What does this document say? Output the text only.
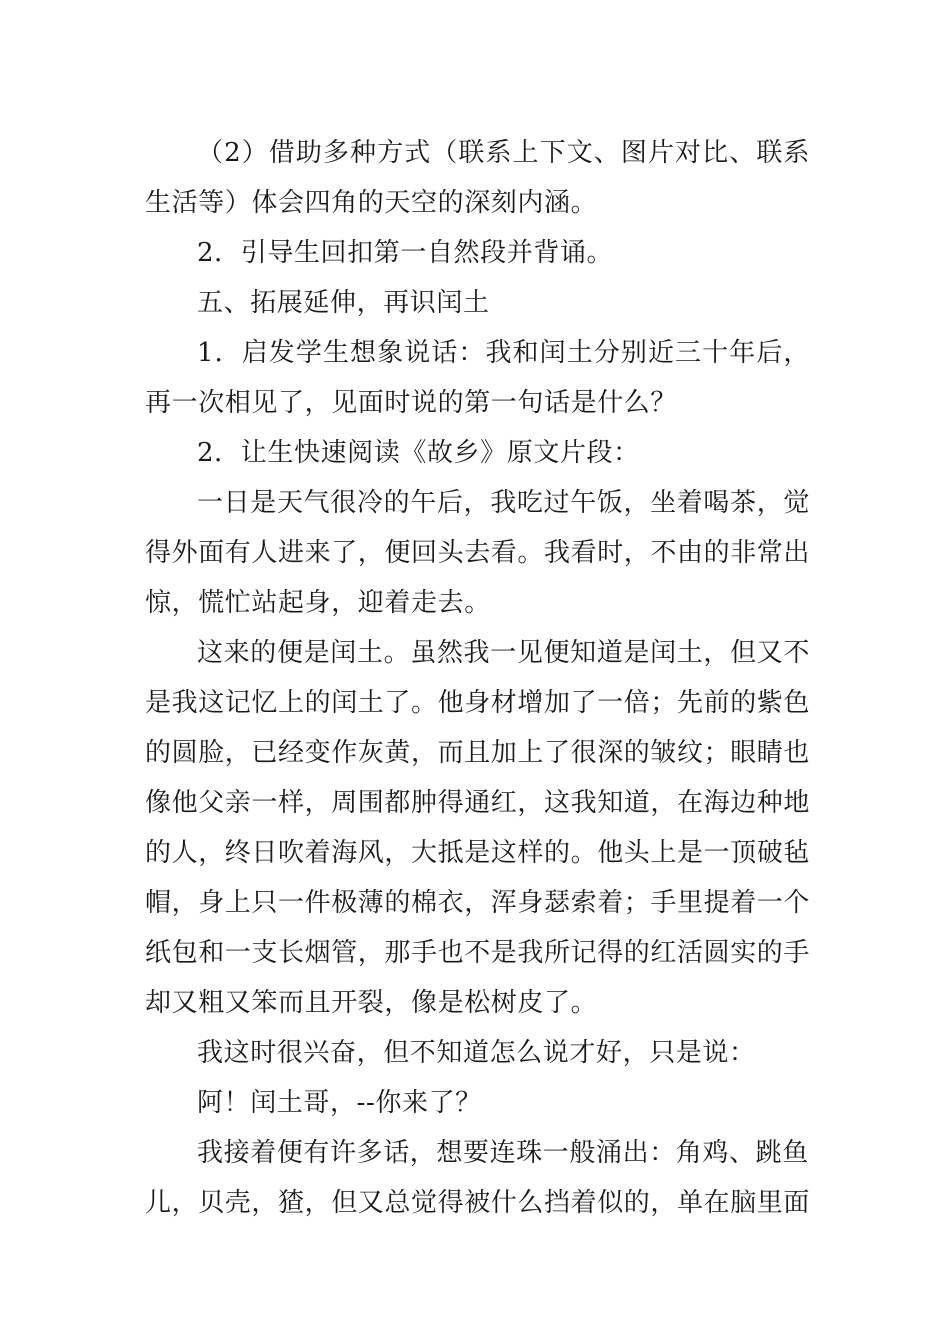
（2）借助多种方式（联系上下文、图片对比、联系生活等）体会四角的天空的深刻内涵。

2．引导生回扣第一自然段并背诵。

五、拓展延伸，再识闰土

1．启发学生想象说话：我和闰土分别近三十年后，再一次相见了，见面时说的第一句话是什么？

2．让生快速阅读《故乡》原文片段：

一日是天气很冷的午后，我吃过午饭，坐着喝茶，觉得外面有人进来了，便回头去看。我看时，不由的非常出惊，慌忙站起身，迎着走去。

这来的便是闰土。虽然我一见便知道是闰土，但又不是我这记忆上的闰土了。他身材增加了一倍；先前的紫色的圆脸，已经变作灰黄，而且加上了很深的皱纹；眼睛也像他父亲一样，周围都肿得通红，这我知道，在海边种地的人，终日吹着海风，大抵是这样的。他头上是一顶破毡帽，身上只一件极薄的棉衣，浑身瑟索着；手里提着一个纸包和一支长烟管，那手也不是我所记得的红活圆实的手却又粗又笨而且开裂，像是松树皮了。

我这时很兴奋，但不知道怎么说才好，只是说：

阿！闰土哥，--你来了？

我接着便有许多话，想要连珠一般涌出：角鸡、跳鱼儿，贝壳，猹，但又总觉得被什么挡着似的，单在脑里面
